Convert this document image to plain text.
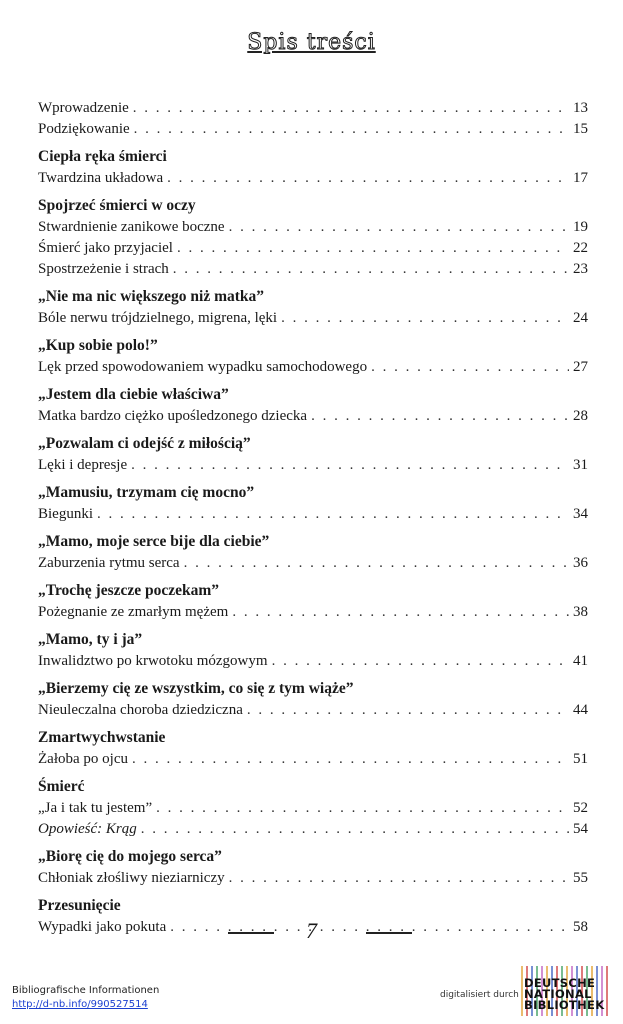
Spis treści
Wprowadzenie . . .	13
Podziękowanie . . .	15
Ciepła ręka śmierci
Twardzina układowa . . .	17
Spojrzeć śmierci w oczy
Stwardnienie zanikowe boczne . . .	19
Śmierć jako przyjaciel . . .	22
Spostrzeżenie i strach . . .	23
„Nie ma nic większego niż matka”
Bóle nerwu trójdzielnego, migrena, lęki . . .	24
„Kup sobie polo!”
Lęk przed spowodowaniem wypadku samochodowego . . .	27
„Jestem dla ciebie właściwa”
Matka bardzo ciężko upośledzonego dziecka . . .	28
„Pozwalam ci odejść z miłością”
Lęki i depresje . . .	31
„Mamusiu, trzymam cię mocno”
Biegunki . . .	34
„Mamo, moje serce bije dla ciebie”
Zaburzenia rytmu serca . . .	36
„Trochę jeszcze poczekam”
Pożegnanie ze zmarłym mężem . . .	38
„Mamo, ty i ja”
Inwalidztwo po krwotoku mózgowym . . .	41
„Bierzemy cię ze wszystkim, co się z tym wiąże”
Nieuleczalna choroba dziedziczna . . .	44
Zmartwychwstanie
Żałoba po ojcu . . .	51
Śmierć
„Ja i tak tu jestem” . . .	52
Opowieść: Krąg . . .	54
„Biorę cię do mojego serca”
Chłoniak złośliwy nieziarniczy . . .	55
Przesunięcie
Wypadki jako pokuta . . .	58
7
Bibliografische Informationen
http://d-nb.info/990527514
digitalisiert durch
DEUTSCHE
NATIONAL
BIBLIOTHEK
